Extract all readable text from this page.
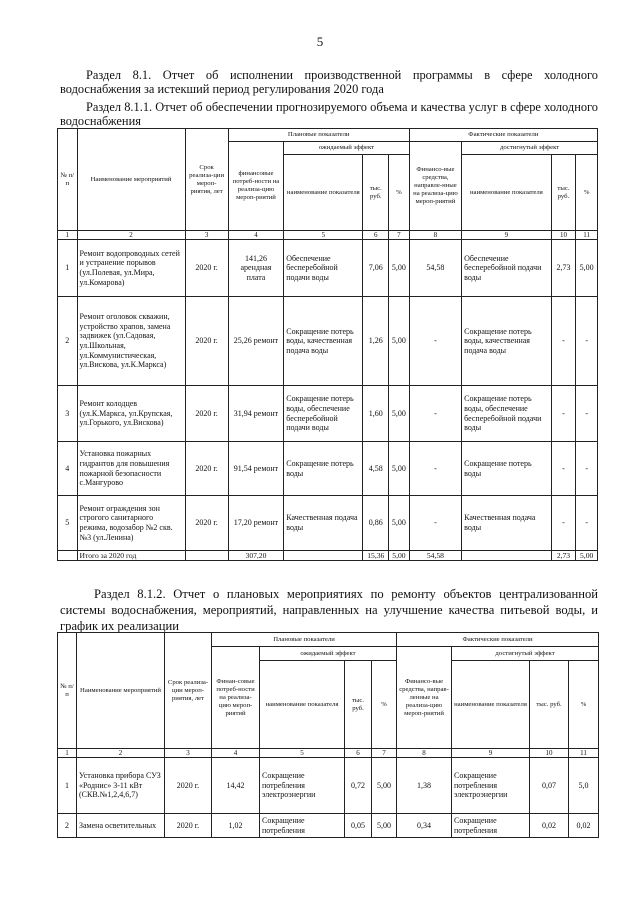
5
Раздел 8.1. Отчет об исполнении производственной программы в сфере холодного водоснабжения за истекший период регулирования 2020 года
Раздел 8.1.1. Отчет об обеспечении прогнозируемого объема и качества услуг в сфере холодного водоснабжения
№ п/п	Наименование мероприятий	Срок реализа-ции мероп-риятия, лет	Плановые показатели				Фактические показатели			
			финансовые потреб-ности на реализа-цию мероп-риятий	ожидаемый эффект			Финансо-вые средства, направле-нные на реализа-цию мероп-риятий	достигнутый эффект		
				наименование показателя	тыс. руб.	%		наименование показателя	тыс. руб.	%
1	2	3	4	5	6	7	8	9	10	11
1	Ремонт водопроводных сетей и устранение порывов (ул.Полевая, ул.Мира, ул.Комарова)	2020 г.	141,26 арендная плата	Обеспечение бесперебойной подачи воды	7,06	5,00	54,58	Обеспечение бесперебойной подачи воды	2,73	5,00
2	Ремонт оголовок скважин, устройство храпов, замена задвижек (ул.Садовая, ул.Школьная, ул.Коммунистическая, ул.Вискова, ул.К.Маркса)	2020 г.	25,26 ремонт	Сокращение потерь воды, качественная подача воды	1,26	5,00	-	Сокращение потерь воды, качественная подача воды	-	-
3	Ремонт колодцев (ул.К.Маркса, ул.Крупская, ул.Горького, ул.Вискова)	2020 г.	31,94 ремонт	Сокращение потерь воды, обеспечение бесперебойной подачи воды	1,60	5,00	-	Сокращение потерь воды, обеспечение бесперебойной подачи воды	-	-
4	Установка пожарных гидрантов для повышения пожарной безопасности с.Мангурово	2020 г.	91,54 ремонт	Сокращение потерь воды	4,58	5,00	-	Сокращение потерь воды	-	-
5	Ремонт ограждения зон строгого санитарного режима, водозабор №2 скв.№3 (ул.Ленина)	2020 г.	17,20 ремонт	Качественная подача воды	0,86	5,00	-	Качественная подача воды	-	-
	Итого за 2020 год		307,20		15,36	5,00	54,58		2,73	5,00
Раздел 8.1.2. Отчет о плановых мероприятиях по ремонту объектов централизованной системы водоснабжения, мероприятий, направленных на улучшение качества питьевой воды, и график их реализации
№ п/п	Наименование мероприятий	Срок реализа-ции мероп-риятия, лет	Плановые показатели				Фактические показатели			
			Финан-совые потреб-ности на реализа-цию мероп-риятий	ожидаемый эффект			Финансо-вые средства, направ-ленные на реализа-цию мероп-риятий	достигнутый эффект		
				наименование показателя	тыс. руб.	%		наименование показателя	тыс. руб.	%
1	2	3	4	5	6	7	8	9	10	11
1	Установка прибора СУЗ «Роднис» 3-11 кВт (СКВ.№1,2,4,6,7)	2020 г.	14,42	Сокращение потребления электроэнергии	0,72	5,00	1,38	Сокращение потребления электроэнергии	0,07	5,0
2	Замена осветительных	2020 г.	1,02	Сокращение потребления	0,05	5,00	0,34	Сокращение потребления	0,02	0,02
